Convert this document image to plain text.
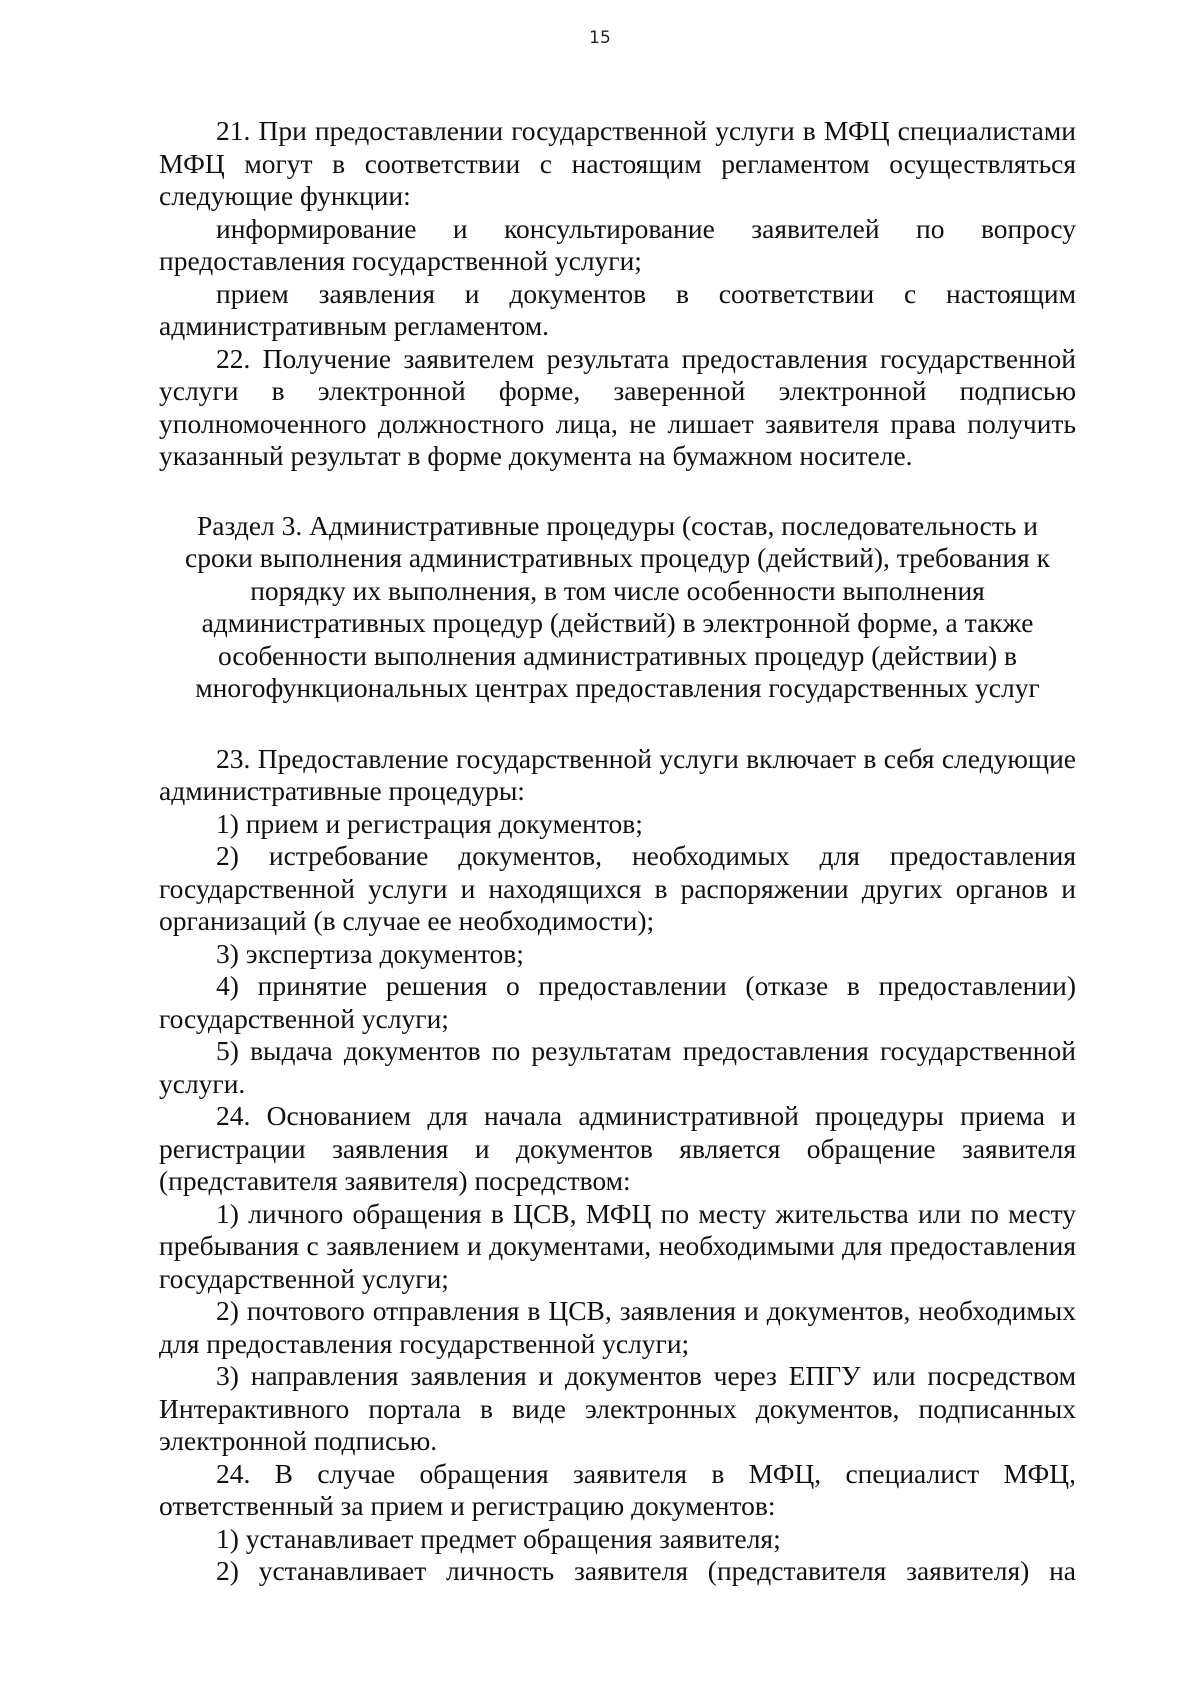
15

21. При предоставлении государственной услуги в МФЦ специалистами МФЦ могут в соответствии с настоящим регламентом осуществляться следующие функции:

информирование и консультирование заявителей по вопросу предоставления государственной услуги;

прием заявления и документов в соответствии с настоящим административным регламентом.

22. Получение заявителем результата предоставления государственной услуги в электронной форме, заверенной электронной подписью уполномоченного должностного лица, не лишает заявителя права получить указанный результат в форме документа на бумажном носителе.

Раздел 3. Административные процедуры (состав, последовательность и
сроки выполнения административных процедур (действий), требования к
порядку их выполнения, в том числе особенности выполнения
административных процедур (действий) в электронной форме, а также
особенности выполнения административных процедур (действии) в
многофункциональных центрах предоставления государственных услуг

23. Предоставление государственной услуги включает в себя следующие административные процедуры:

1) прием и регистрация документов;

2) истребование документов, необходимых для предоставления государственной услуги и находящихся в распоряжении других органов и организаций (в случае ее необходимости);

3) экспертиза документов;

4) принятие решения о предоставлении (отказе в предоставлении) государственной услуги;

5) выдача документов по результатам предоставления государственной услуги.

24. Основанием для начала административной процедуры приема и регистрации заявления и документов является обращение заявителя (представителя заявителя) посредством:

1) личного обращения в ЦСВ, МФЦ по месту жительства или по месту пребывания с заявлением и документами, необходимыми для предоставления государственной услуги;

2) почтового отправления в ЦСВ, заявления и документов, необходимых для предоставления государственной услуги;

3) направления заявления и документов через ЕПГУ или посредством Интерактивного портала в виде электронных документов, подписанных электронной подписью.

24. В случае обращения заявителя в МФЦ, специалист МФЦ, ответственный за прием и регистрацию документов:

1) устанавливает предмет обращения заявителя;

2) устанавливает личность заявителя (представителя заявителя) на
